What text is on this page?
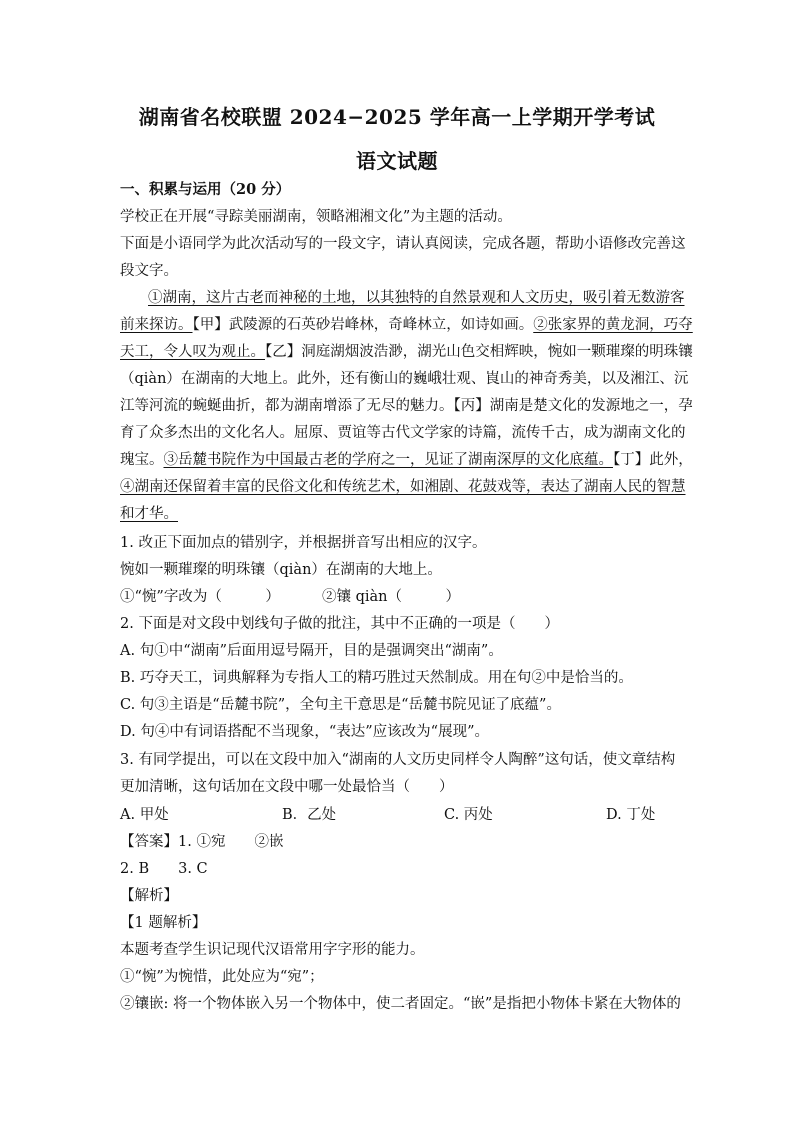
湖南省名校联盟 2024−2025 学年高一上学期开学考试
语文试题
一、积累与运用（20 分）
学校正在开展“寻踪美丽湖南，领略湘湘文化”为主题的活动。
下面是小语同学为此次活动写的一段文字，请认真阅读，完成各题，帮助小语修改完善这
段文字。
①湖南，这片古老而神秘的土地，以其独特的自然景观和人文历史，吸引着无数游客
前来探访。【甲】武陵源的石英砂岩峰林，奇峰林立，如诗如画。②张家界的黄龙洞，巧夺
天工，令人叹为观止。【乙】洞庭湖烟波浩渺，湖光山色交相辉映，惋如一颗璀璨的明珠镶
（qiàn）在湖南的大地上。此外，还有衡山的巍峨壮观、崀山的神奇秀美，以及湘江、沅
江等河流的蜿蜒曲折，都为湖南增添了无尽的魅力。【丙】湖南是楚文化的发源地之一，孕
育了众多杰出的文化名人。屈原、贾谊等古代文学家的诗篇，流传千古，成为湖南文化的
瑰宝。③岳麓书院作为中国最古老的学府之一，见证了湖南深厚的文化底蕴。【丁】此外，
④湖南还保留着丰富的民俗文化和传统艺术，如湘剧、花鼓戏等，表达了湖南人民的智慧
和才华。
1. 改正下面加点的错别字，并根据拼音写出相应的汉字。
惋如一颗璀璨的明珠镶（qiàn）在湖南的大地上。
①“惋”字改为（　　　）	②镶 qiàn（　　　）
2. 下面是对文段中划线句子做的批注，其中不正确的一项是（　　）
A. 句①中“湖南”后面用逗号隔开，目的是强调突出“湖南”。
B. 巧夺天工，词典解释为专指人工的精巧胜过天然制成。用在句②中是恰当的。
C. 句③主语是“岳麓书院”，全句主干意思是“岳麓书院见证了底蕴”。
D. 句④中有词语搭配不当现象，“表达”应该改为“展现”。
3. 有同学提出，可以在文段中加入“湖南的人文历史同样令人陶醉”这句话，使文章结构
更加清晰，这句话加在文段中哪一处最恰当（　　）
A. 甲处	B．乙处	C. 丙处	D. 丁处
【答案】1. ①宛　　②嵌
2. B　　3. C
【解析】
【1 题解析】
本题考查学生识记现代汉语常用字字形的能力。
①“惋”为惋惜，此处应为“宛”；
②镶嵌: 将一个物体嵌入另一个物体中，使二者固定。“嵌”是指把小物体卡紧在大物体的
